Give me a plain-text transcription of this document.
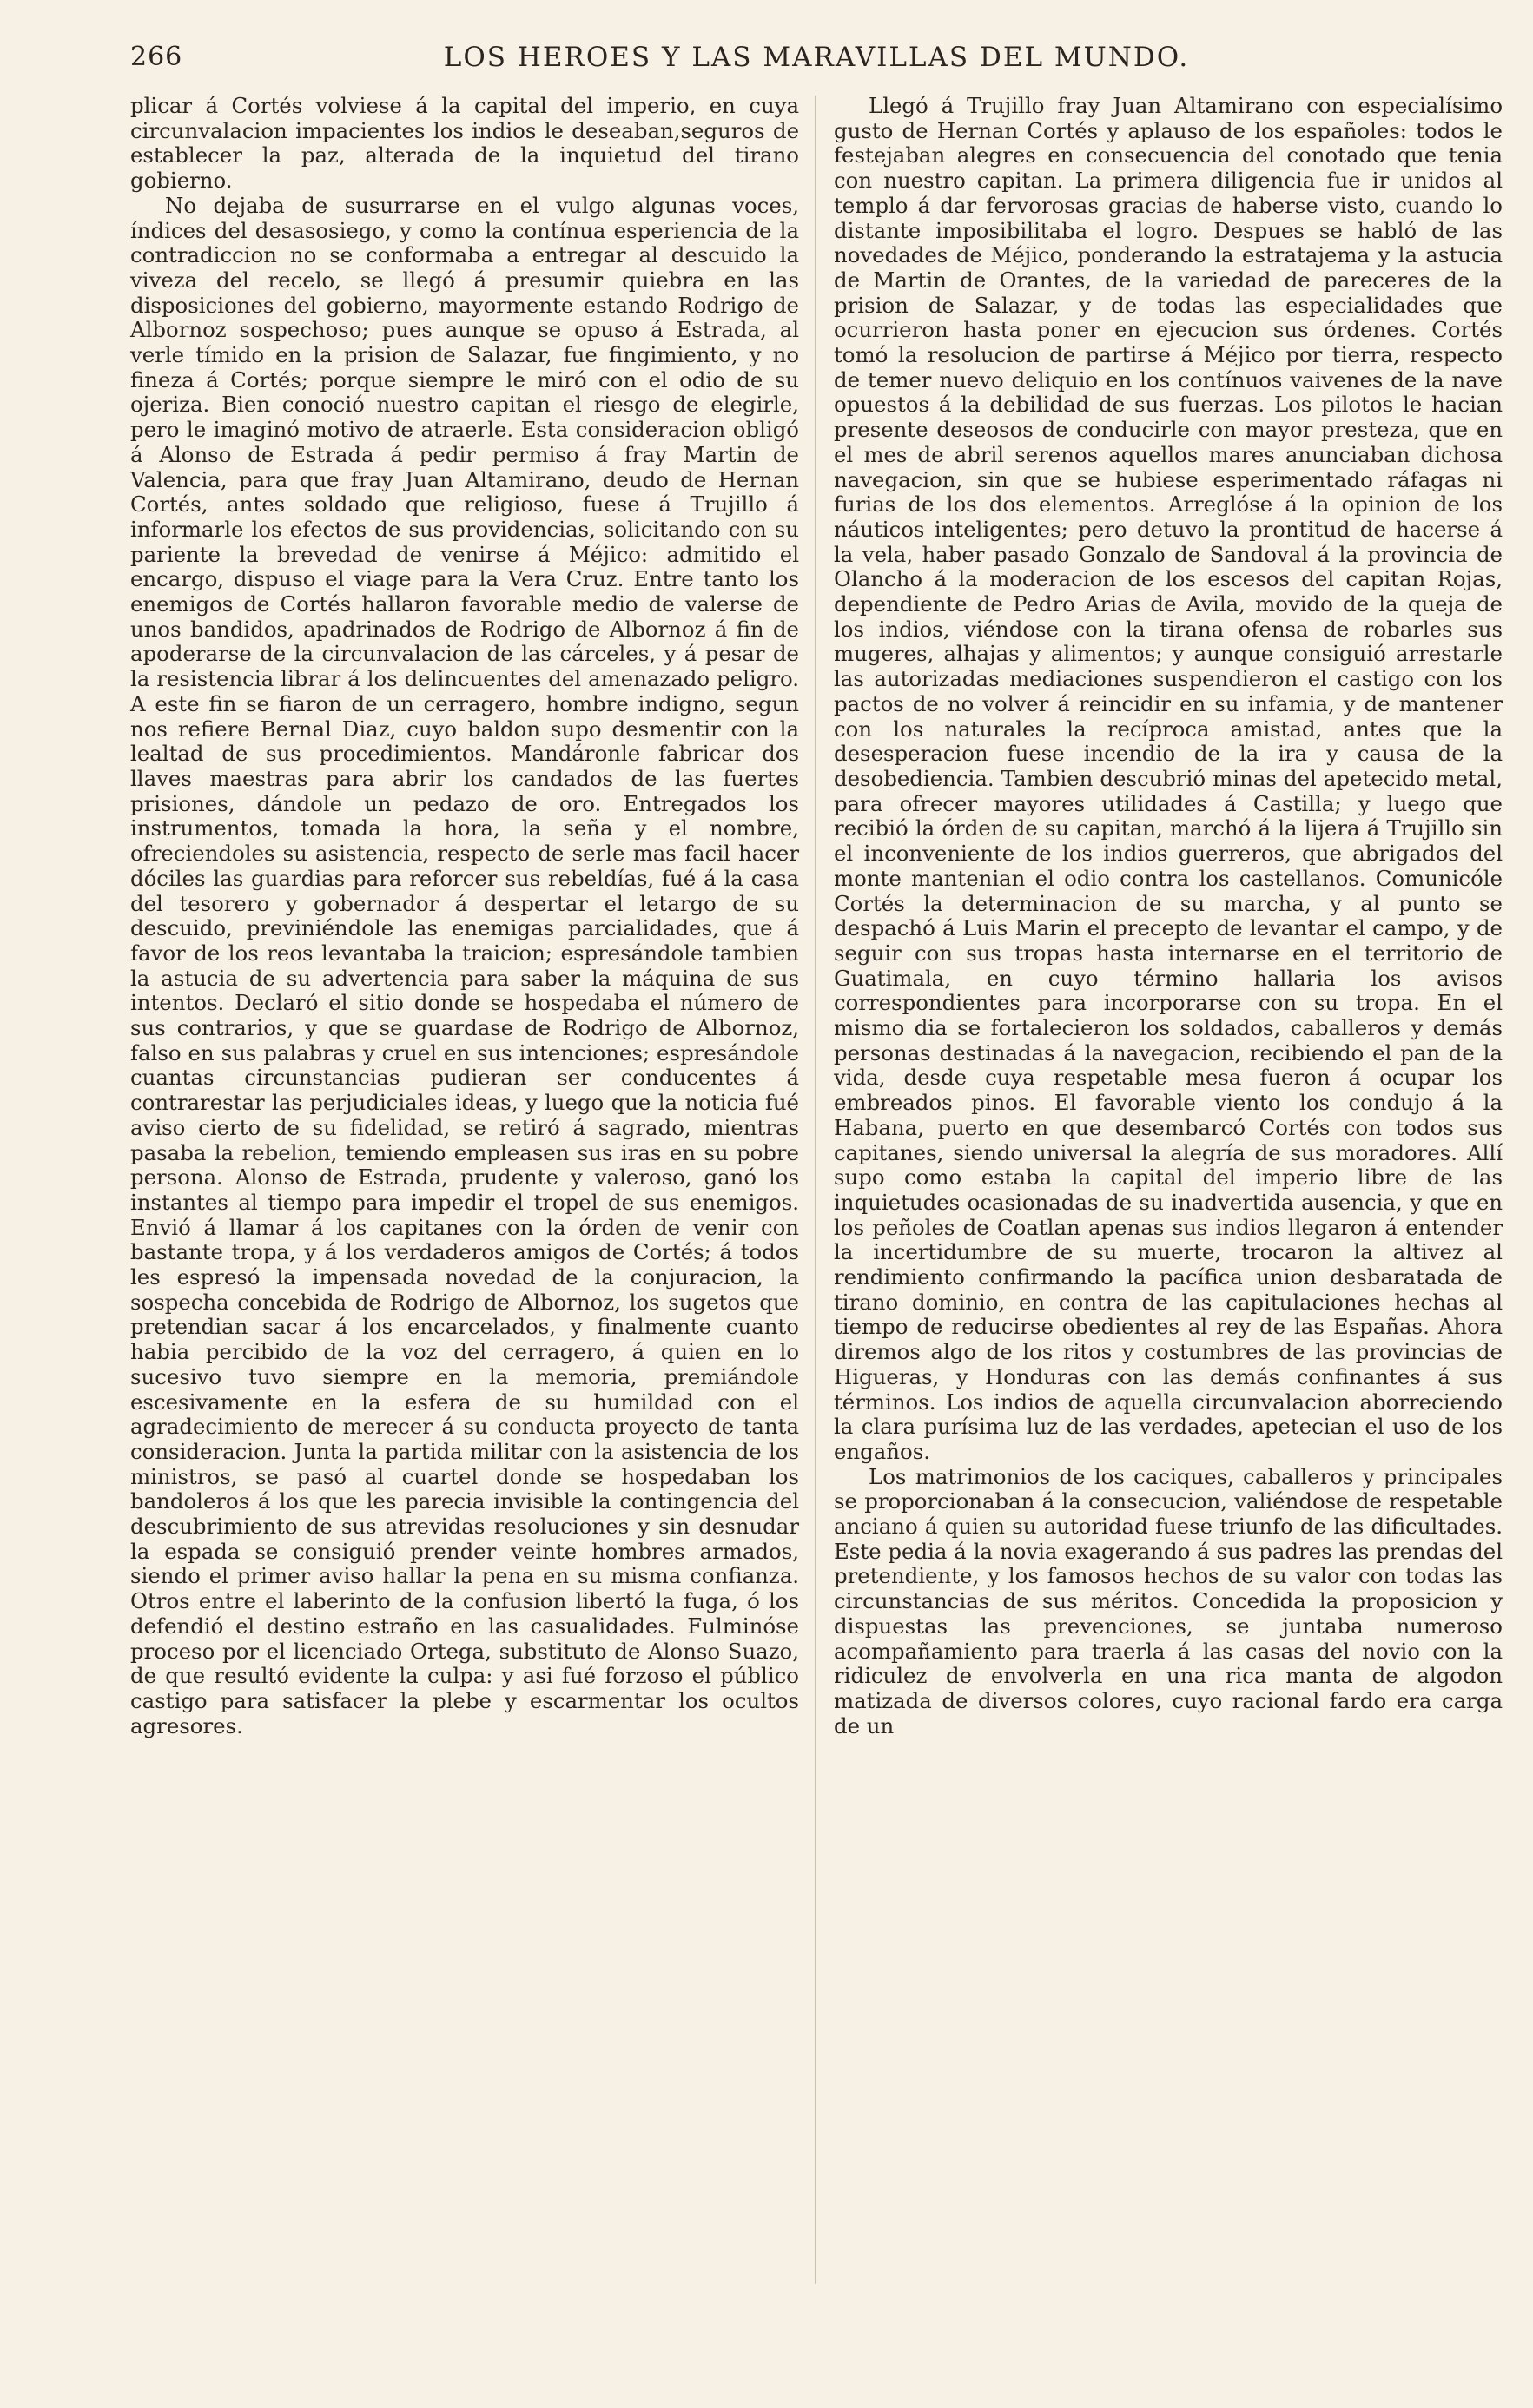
266	LOS HEROES Y LAS MARAVILLAS DEL MUNDO.

plicar á Cortés volviese á la capital del imperio, en cuya circunvalacion impacientes los indios le deseaban,seguros de establecer la paz, alterada de la inquietud del tirano gobierno.

No dejaba de susurrarse en el vulgo algunas voces, índices del desasosiego, y como la contínua esperiencia de la contradiccion no se conformaba a entregar al descuido la viveza del recelo, se llegó á presumir quiebra en las disposiciones del gobierno, mayormente estando Rodrigo de Albornoz sospechoso; pues aunque se opuso á Estrada, al verle tímido en la prision de Salazar, fue fingimiento, y no fineza á Cortés; porque siempre le miró con el odio de su ojeriza. Bien conoció nuestro capitan el riesgo de elegirle, pero le imaginó motivo de atraerle. Esta consideracion obligó á Alonso de Estrada á pedir permiso á fray Martin de Valencia, para que fray Juan Altamirano, deudo de Hernan Cortés, antes soldado que religioso, fuese á Trujillo á informarle los efectos de sus providencias, solicitando con su pariente la brevedad de venirse á Méjico: admitido el encargo, dispuso el viage para la Vera Cruz. Entre tanto los enemigos de Cortés hallaron favorable medio de valerse de unos bandidos, apadrinados de Rodrigo de Albornoz á fin de apoderarse de la circunvalacion de las cárceles, y á pesar de la resistencia librar á los delincuentes del amenazado peligro. A este fin se fiaron de un cerragero, hombre indigno, segun nos refiere Bernal Diaz, cuyo baldon supo desmentir con la lealtad de sus procedimientos. Mandáronle fabricar dos llaves maestras para abrir los candados de las fuertes prisiones, dándole un pedazo de oro. Entregados los instrumentos, tomada la hora, la seña y el nombre, ofreciendoles su asistencia, respecto de serle mas facil hacer dóciles las guardias para reforcer sus rebeldías, fué á la casa del tesorero y gobernador á despertar el letargo de su descuido, previniéndole las enemigas parcialidades, que á favor de los reos levantaba la traicion; espresándole tambien la astucia de su advertencia para saber la máquina de sus intentos. Declaró el sitio donde se hospedaba el número de sus contrarios, y que se guardase de Rodrigo de Albornoz, falso en sus palabras y cruel en sus intenciones; espresándole cuantas circunstancias pudieran ser conducentes á contrarestar las perjudiciales ideas, y luego que la noticia fué aviso cierto de su fidelidad, se retiró á sagrado, mientras pasaba la rebelion, temiendo empleasen sus iras en su pobre persona. Alonso de Estrada, prudente y valeroso, ganó los instantes al tiempo para impedir el tropel de sus enemigos. Envió á llamar á los capitanes con la órden de venir con bastante tropa, y á los verdaderos amigos de Cortés; á todos les espresó la impensada novedad de la conjuracion, la sospecha concebida de Rodrigo de Albornoz, los sugetos que pretendian sacar á los encarcelados, y finalmente cuanto habia percibido de la voz del cerragero, á quien en lo sucesivo tuvo siempre en la memoria, premiándole escesivamente en la esfera de su humildad con el agradecimiento de merecer á su conducta proyecto de tanta consideracion. Junta la partida militar con la asistencia de los ministros, se pasó al cuartel donde se hospedaban los bandoleros á los que les parecia invisible la contingencia del descubrimiento de sus atrevidas resoluciones y sin desnudar la espada se consiguió prender veinte hombres armados, siendo el primer aviso hallar la pena en su misma confianza. Otros entre el laberinto de la confusion libertó la fuga, ó los defendió el destino estraño en las casualidades. Fulminóse proceso por el licenciado Ortega, substituto de Alonso Suazo, de que resultó evidente la culpa: y asi fué forzoso el público castigo para satisfacer la plebe y escarmentar los ocultos agresores.

Llegó á Trujillo fray Juan Altamirano con especialísimo gusto de Hernan Cortés y aplauso de los españoles: todos le festejaban alegres en consecuencia del conotado que tenia con nuestro capitan. La primera diligencia fue ir unidos al templo á dar fervorosas gracias de haberse visto, cuando lo distante imposibilitaba el logro. Despues se habló de las novedades de Méjico, ponderando la estratajema y la astucia de Martin de Orantes, de la variedad de pareceres de la prision de Salazar, y de todas las especialidades que ocurrieron hasta poner en ejecucion sus órdenes. Cortés tomó la resolucion de partirse á Méjico por tierra, respecto de temer nuevo deliquio en los contínuos vaivenes de la nave opuestos á la debilidad de sus fuerzas. Los pilotos le hacian presente deseosos de conducirle con mayor presteza, que en el mes de abril serenos aquellos mares anunciaban dichosa navegacion, sin que se hubiese esperimentado ráfagas ni furias de los dos elementos. Arreglóse á la opinion de los náuticos inteligentes; pero detuvo la prontitud de hacerse á la vela, haber pasado Gonzalo de Sandoval á la provincia de Olancho á la moderacion de los escesos del capitan Rojas, dependiente de Pedro Arias de Avila, movido de la queja de los indios, viéndose con la tirana ofensa de robarles sus mugeres, alhajas y alimentos; y aunque consiguió arrestarle las autorizadas mediaciones suspendieron el castigo con los pactos de no volver á reincidir en su infamia, y de mantener con los naturales la recíproca amistad, antes que la desesperacion fuese incendio de la ira y causa de la desobediencia. Tambien descubrió minas del apetecido metal, para ofrecer mayores utilidades á Castilla; y luego que recibió la órden de su capitan, marchó á la lijera á Trujillo sin el inconveniente de los indios guerreros, que abrigados del monte mantenian el odio contra los castellanos. Comunicóle Cortés la determinacion de su marcha, y al punto se despachó á Luis Marin el precepto de levantar el campo, y de seguir con sus tropas hasta internarse en el territorio de Guatimala, en cuyo término hallaria los avisos correspondientes para incorporarse con su tropa. En el mismo dia se fortalecieron los soldados, caballeros y demás personas destinadas á la navegacion, recibiendo el pan de la vida, desde cuya respetable mesa fueron á ocupar los embreados pinos. El favorable viento los condujo á la Habana, puerto en que desembarcó Cortés con todos sus capitanes, siendo universal la alegría de sus moradores. Allí supo como estaba la capital del imperio libre de las inquietudes ocasionadas de su inadvertida ausencia, y que en los peñoles de Coatlan apenas sus indios llegaron á entender la incertidumbre de su muerte, trocaron la altivez al rendimiento confirmando la pacífica union desbaratada de tirano dominio, en contra de las capitulaciones hechas al tiempo de reducirse obedientes al rey de las Españas. Ahora diremos algo de los ritos y costumbres de las provincias de Higueras, y Honduras con las demás confinantes á sus términos. Los indios de aquella circunvalacion aborreciendo la clara purísima luz de las verdades, apetecian el uso de los engaños.

Los matrimonios de los caciques, caballeros y principales se proporcionaban á la consecucion, valiéndose de respetable anciano á quien su autoridad fuese triunfo de las dificultades. Este pedia á la novia exagerando á sus padres las prendas del pretendiente, y los famosos hechos de su valor con todas las circunstancias de sus méritos. Concedida la proposicion y dispuestas las prevenciones, se juntaba numeroso acompañamiento para traerla á las casas del novio con la ridiculez de envolverla en una rica manta de algodon matizada de diversos colores, cuyo racional fardo era carga de un
